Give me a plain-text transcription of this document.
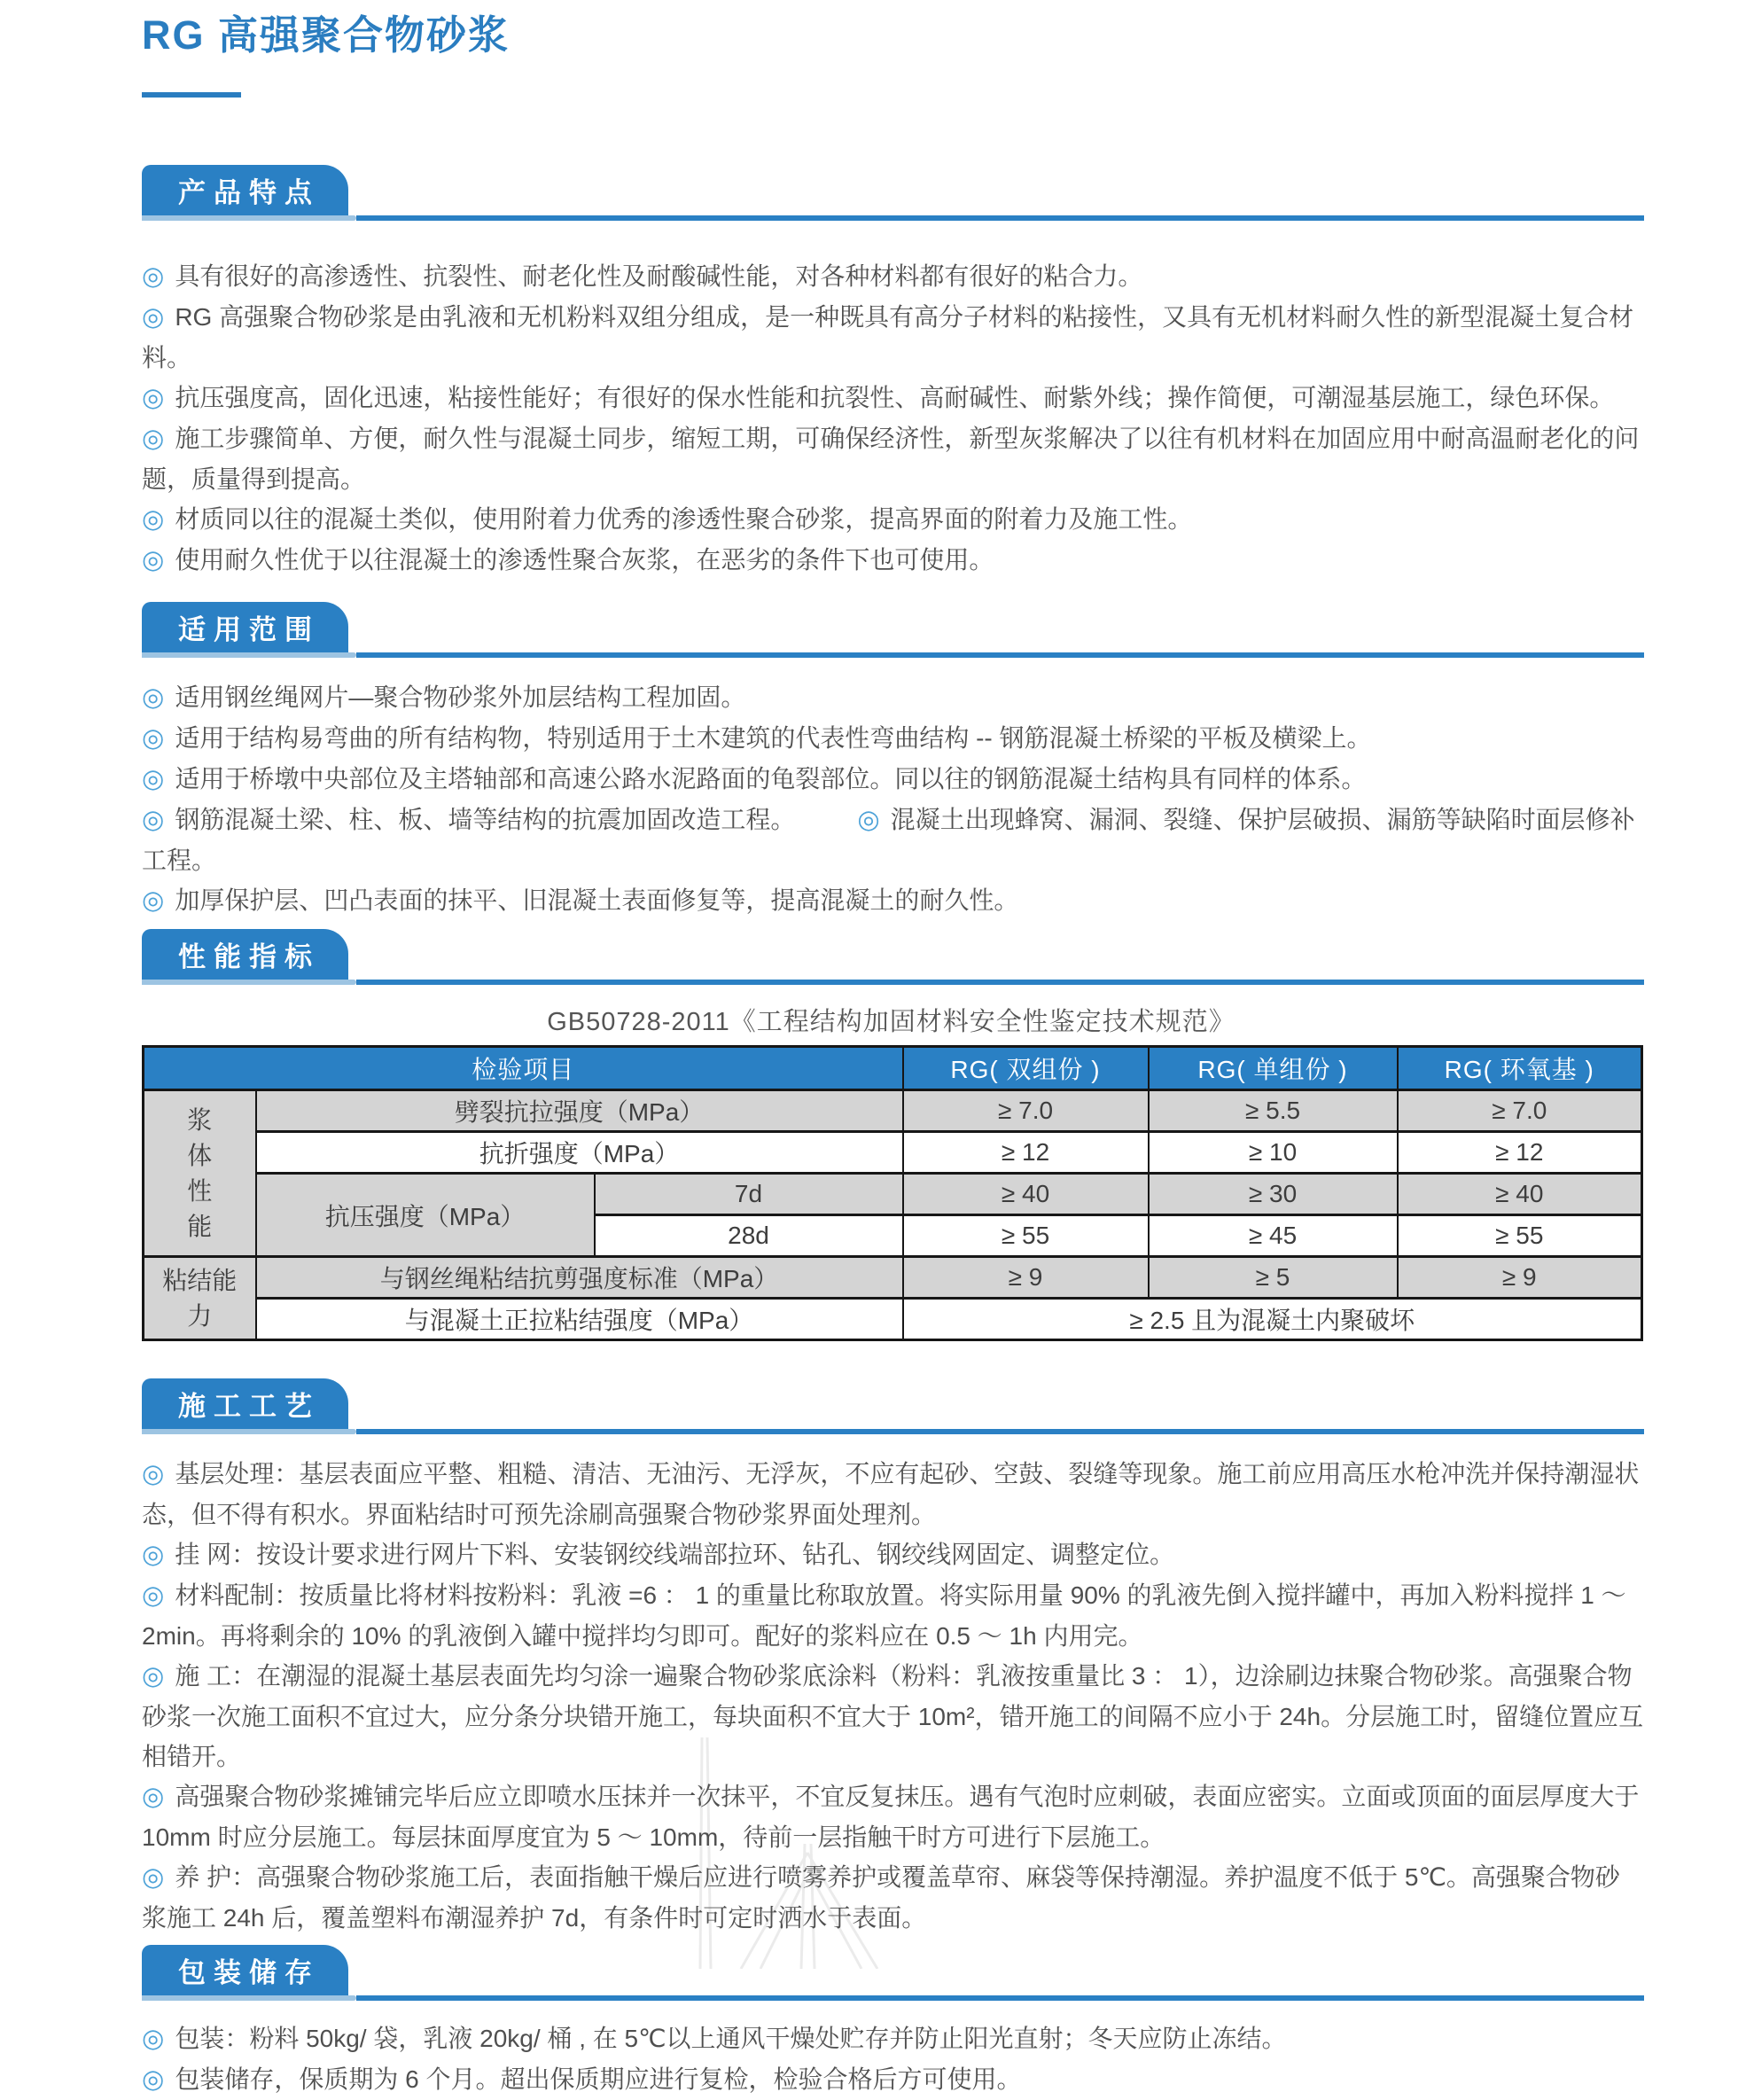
RG 高强聚合物砂浆
产品特点
◎ 具有很好的高渗透性、抗裂性、耐老化性及耐酸碱性能，对各种材料都有很好的粘合力。
◎ RG 高强聚合物砂浆是由乳液和无机粉料双组分组成，是一种既具有高分子材料的粘接性，又具有无机材料耐久性的新型混凝土复合材料。
◎ 抗压强度高，固化迅速，粘接性能好；有很好的保水性能和抗裂性、高耐碱性、耐紫外线；操作简便，可潮湿基层施工，绿色环保。
◎ 施工步骤简单、方便，耐久性与混凝土同步，缩短工期，可确保经济性，新型灰浆解决了以往有机材料在加固应用中耐高温耐老化的问题，质量得到提高。
◎ 材质同以往的混凝土类似，使用附着力优秀的渗透性聚合砂浆，提高界面的附着力及施工性。
◎ 使用耐久性优于以往混凝土的渗透性聚合灰浆，在恶劣的条件下也可使用。
适用范围
◎ 适用钢丝绳网片—聚合物砂浆外加层结构工程加固。
◎ 适用于结构易弯曲的所有结构物，特别适用于土木建筑的代表性弯曲结构 -- 钢筋混凝土桥梁的平板及横梁上。
◎ 适用于桥墩中央部位及主塔轴部和高速公路水泥路面的龟裂部位。同以往的钢筋混凝土结构具有同样的体系。
◎ 钢筋混凝土梁、柱、板、墙等结构的抗震加固改造工程。 ◎ 混凝土出现蜂窝、漏洞、裂缝、保护层破损、漏筋等缺陷时面层修补工程。
◎ 加厚保护层、凹凸表面的抹平、旧混凝土表面修复等，提高混凝土的耐久性。
性能指标
GB50728-2011《工程结构加固材料安全性鉴定技术规范》
检验项目			RG( 双组份 )	RG( 单组份 )	RG( 环氧基 )

浆
体
性
能	劈裂抗拉强度（MPa）		≥ 7.0	≥ 5.5	≥ 7.0
	抗折强度（MPa）		≥ 12	≥ 10	≥ 12
	抗压强度（MPa）	7d	≥ 40	≥ 30	≥ 40
		28d	≥ 55	≥ 45	≥ 55

粘结能
力	与钢丝绳粘结抗剪强度标准（MPa）		≥ 9	≥ 5	≥ 9
	与混凝土正拉粘结强度（MPa）		≥ 2.5 且为混凝土内聚破坏		
施工工艺
◎ 基层处理：基层表面应平整、粗糙、清洁、无油污、无浮灰，不应有起砂、空鼓、裂缝等现象。施工前应用高压水枪冲洗并保持潮湿状态，但不得有积水。界面粘结时可预先涂刷高强聚合物砂浆界面处理剂。
◎ 挂 网：按设计要求进行网片下料、安装钢绞线端部拉环、钻孔、钢绞线网固定、调整定位。
◎ 材料配制：按质量比将材料按粉料：乳液 =6 ： 1 的重量比称取放置。将实际用量 90% 的乳液先倒入搅拌罐中，再加入粉料搅拌 1 ～ 2min。再将剩余的 10% 的乳液倒入罐中搅拌均匀即可。配好的浆料应在 0.5 ～ 1h 内用完。
◎ 施 工：在潮湿的混凝土基层表面先均匀涂一遍聚合物砂浆底涂料（粉料：乳液按重量比 3 ： 1），边涂刷边抹聚合物砂浆。高强聚合物砂浆一次施工面积不宜过大，应分条分块错开施工，每块面积不宜大于 10m²，错开施工的间隔不应小于 24h。分层施工时，留缝位置应互相错开。
◎ 高强聚合物砂浆摊铺完毕后应立即喷水压抹并一次抹平，不宜反复抹压。遇有气泡时应刺破，表面应密实。立面或顶面的面层厚度大于 10mm 时应分层施工。每层抹面厚度宜为 5 ～ 10mm，待前一层指触干时方可进行下层施工。
◎ 养 护：高强聚合物砂浆施工后，表面指触干燥后应进行喷雾养护或覆盖草帘、麻袋等保持潮湿。养护温度不低于 5℃。高强聚合物砂浆施工 24h 后，覆盖塑料布潮湿养护 7d，有条件时可定时洒水于表面。
包装储存
◎ 包装：粉料 50kg/ 袋，乳液 20kg/ 桶 , 在 5℃以上通风干燥处贮存并防止阳光直射；冬天应防止冻结。
◎ 包装储存，保质期为 6 个月。超出保质期应进行复检，检验合格后方可使用。
